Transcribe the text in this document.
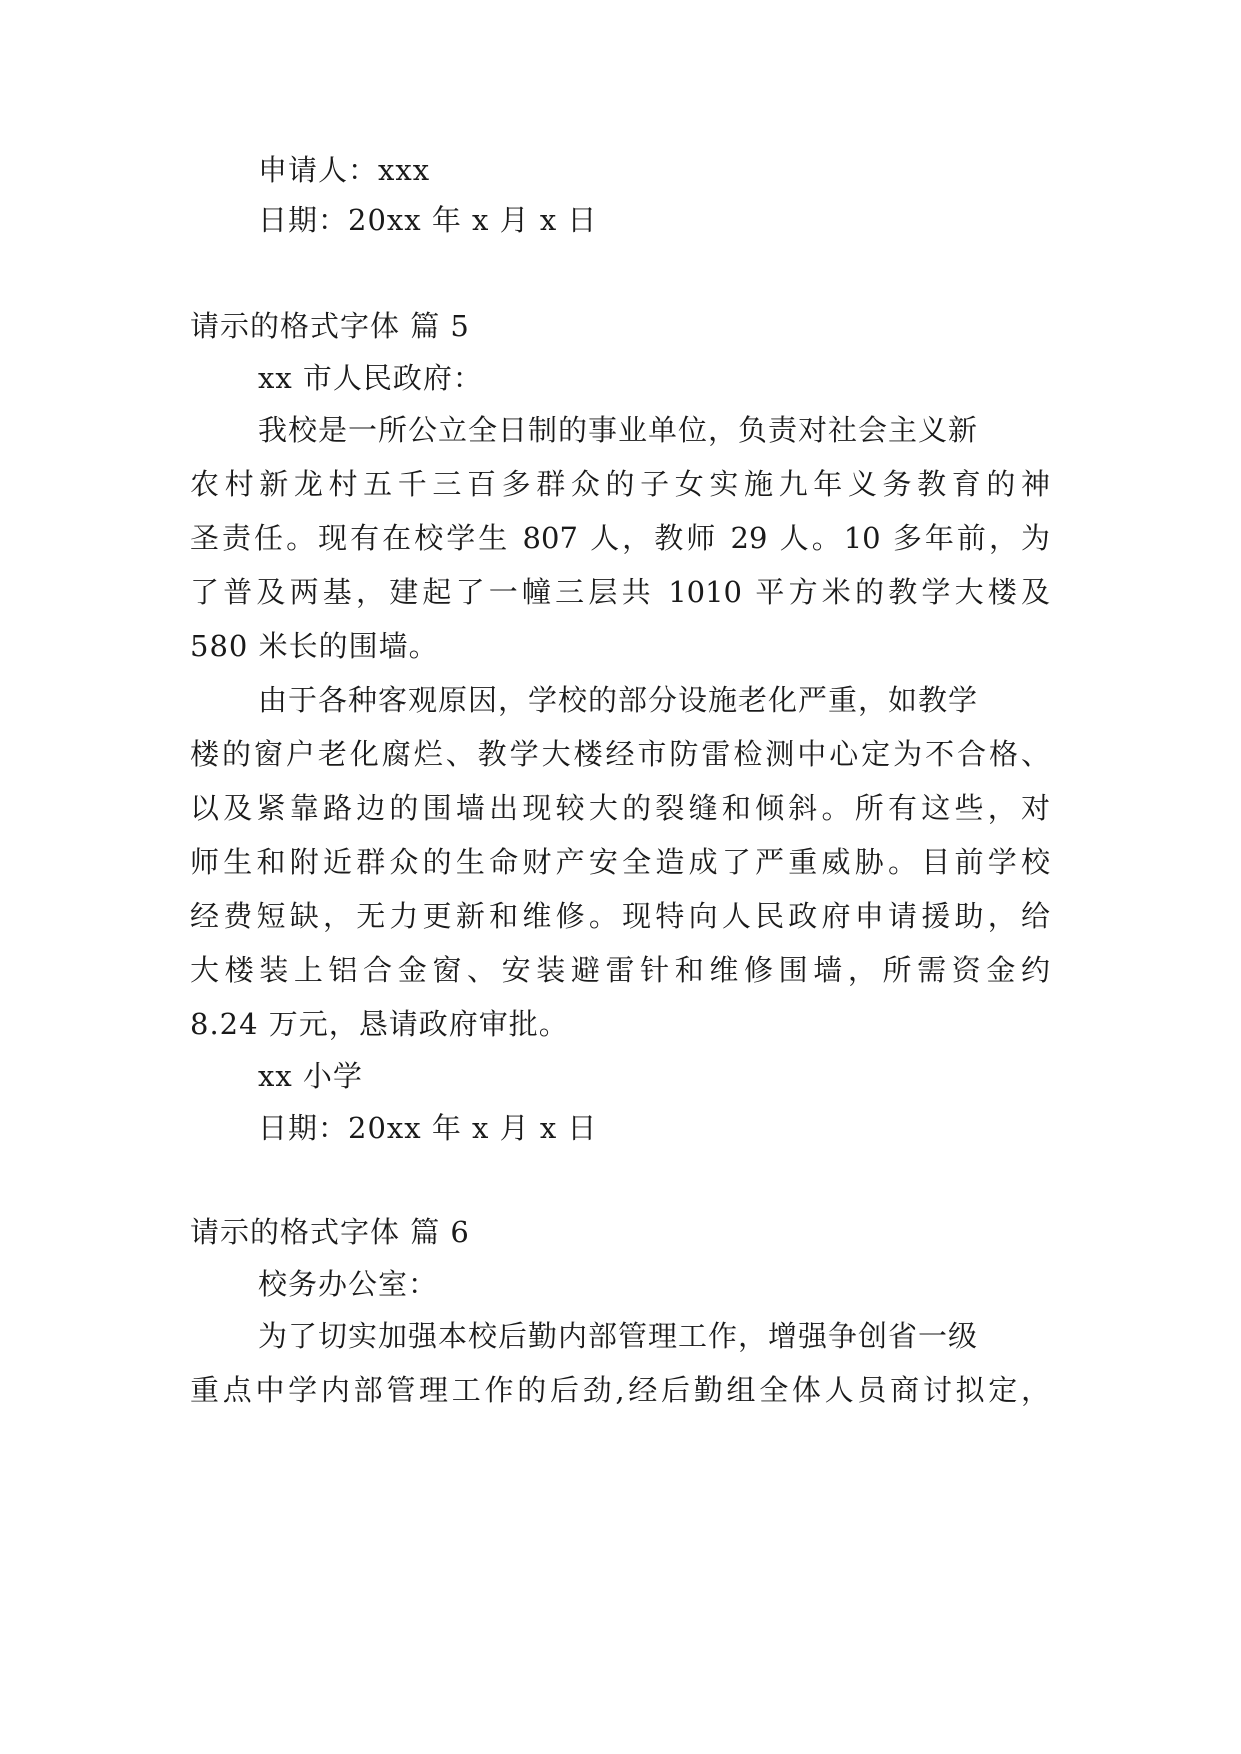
申请人：xxx
日期：20xx 年 x 月 x 日
请示的格式字体 篇 5
xx 市人民政府：
我校是一所公立全日制的事业单位，负责对社会主义新
农村新龙村五千三百多群众的子女实施九年义务教育的神
圣责任。现有在校学生 807 人，教师 29 人。10 多年前，为
了普及两基，建起了一幢三层共 1010 平方米的教学大楼及
580 米长的围墙。
由于各种客观原因，学校的部分设施老化严重，如教学
楼的窗户老化腐烂、教学大楼经市防雷检测中心定为不合格、
以及紧靠路边的围墙出现较大的裂缝和倾斜。所有这些，对
师生和附近群众的生命财产安全造成了严重威胁。目前学校
经费短缺，无力更新和维修。现特向人民政府申请援助，给
大楼装上铝合金窗、安装避雷针和维修围墙，所需资金约
8.24 万元，恳请政府审批。
xx 小学
日期：20xx 年 x 月 x 日
请示的格式字体 篇 6
校务办公室：
为了切实加强本校后勤内部管理工作，增强争创省一级
重点中学内部管理工作的后劲,经后勤组全体人员商讨拟定，
